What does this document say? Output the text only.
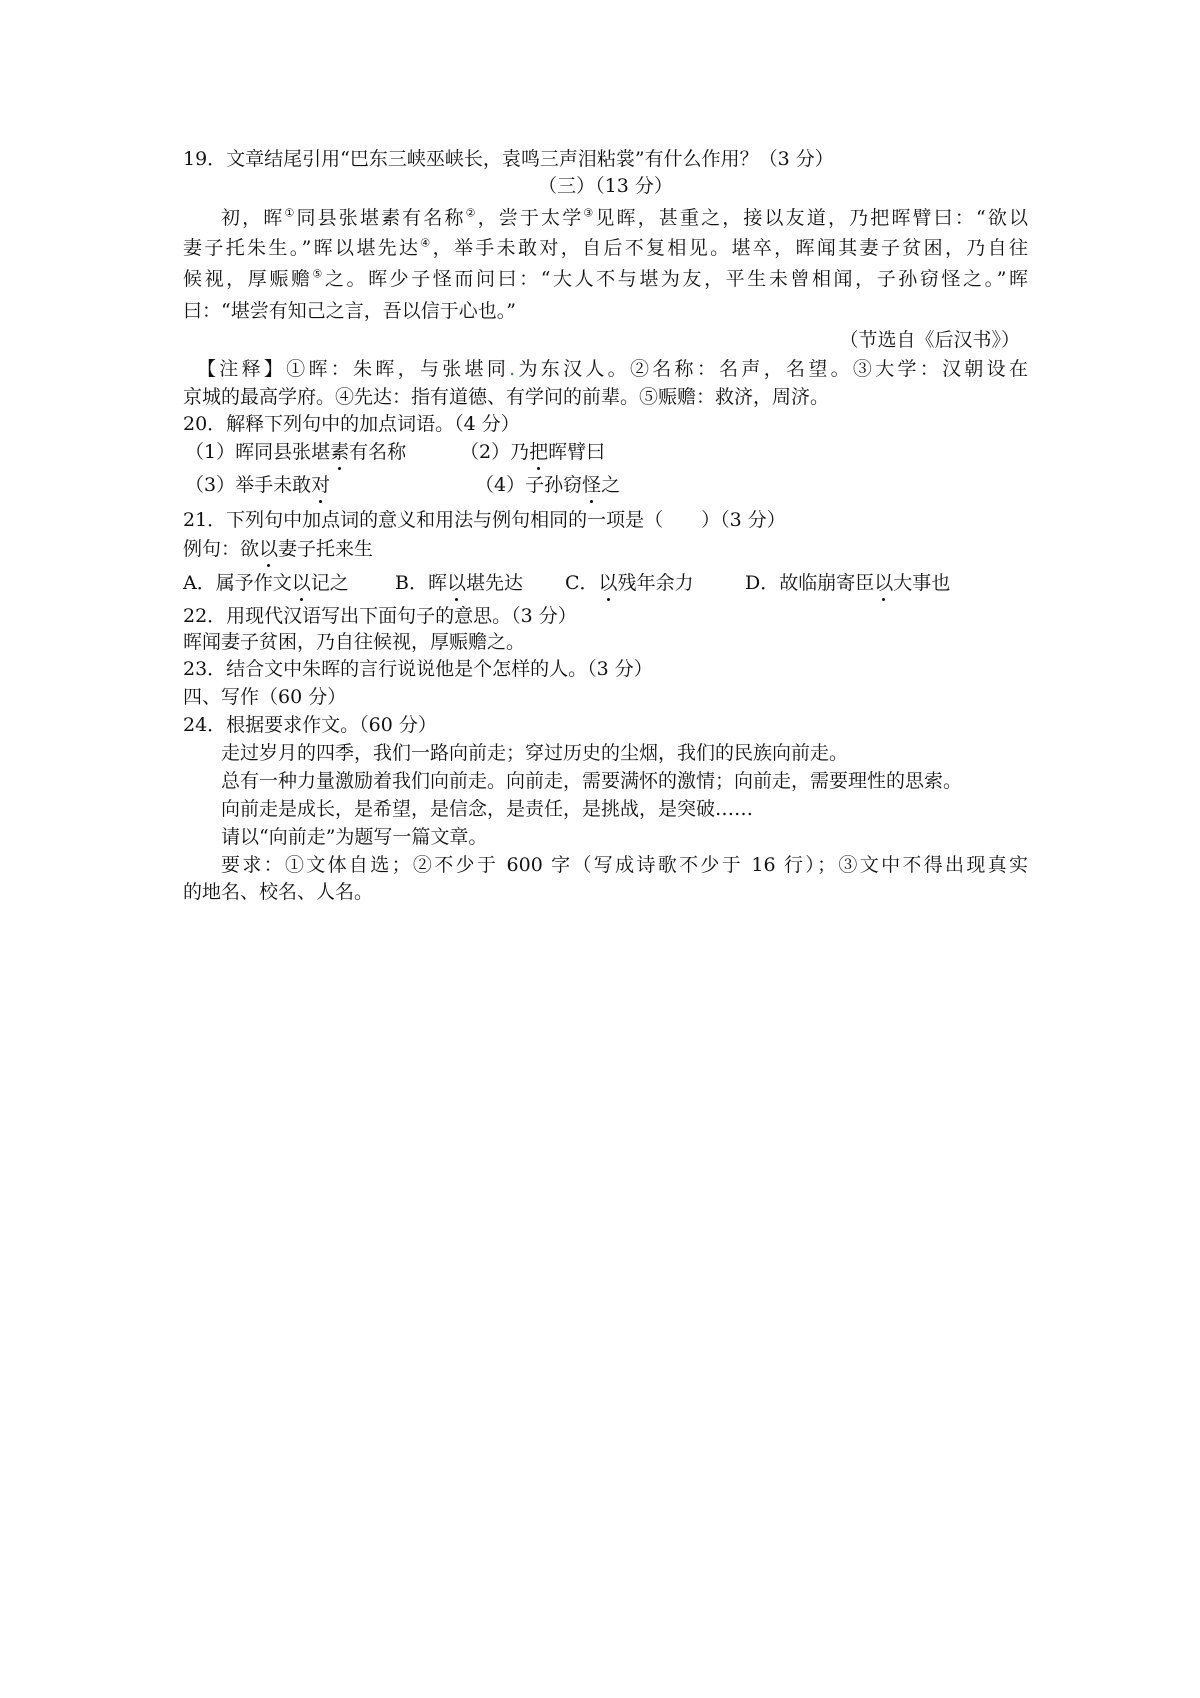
19．文章结尾引用“巴东三峡巫峡长，袁鸣三声泪粘裳”有什么作用？（3 分）

（三）（13 分）

初，晖①同县张堪素有名称②，尝于太学③见晖，甚重之，接以友道，乃把晖臂曰：“欲以

妻子托朱生。”晖以堪先达④，举手未敢对，自后不复相见。堪卒，晖闻其妻子贫困，乃自往

候视，厚赈赡⑤之。晖少子怪而问曰：“大人不与堪为友，平生未曾相闻，子孙窃怪之。”晖

曰：“堪尝有知己之言，吾以信于心也。”

（节选自《后汉书》）

【注释】①晖：朱晖，与张堪同.为东汉人。②名称：名声，名望。③大学：汉朝设在

京城的最高学府。④先达：指有道德、有学问的前辈。⑤赈赡：救济，周济。

20．解释下列句中的加点词语。（4 分）

（1）晖同县张堪素有名称	（2）乃把晖臂曰

（3）举手未敢对	（4）子孙窃怪之

21．下列句中加点词的意义和用法与例句相同的一项是（　　）（3 分）

例句：欲以妻子托来生

A．属予作文以记之 B．晖以堪先达 C．以残年余力	D．故临崩寄臣以大事也

22．用现代汉语写出下面句子的意思。（3 分）

晖闻妻子贫困，乃自往候视，厚赈赡之。

23．结合文中朱晖的言行说说他是个怎样的人。（3 分）

四、写作（60 分）

24．根据要求作文。（60 分）

走过岁月的四季，我们一路向前走；穿过历史的尘烟，我们的民族向前走。

总有一种力量激励着我们向前走。向前走，需要满怀的激情；向前走，需要理性的思索。

向前走是成长，是希望，是信念，是责任，是挑战，是突破……

请以“向前走”为题写一篇文章。

要求：①文体自选；②不少于 600 字（写成诗歌不少于 16 行）；③文中不得出现真实

的地名、校名、人名。
